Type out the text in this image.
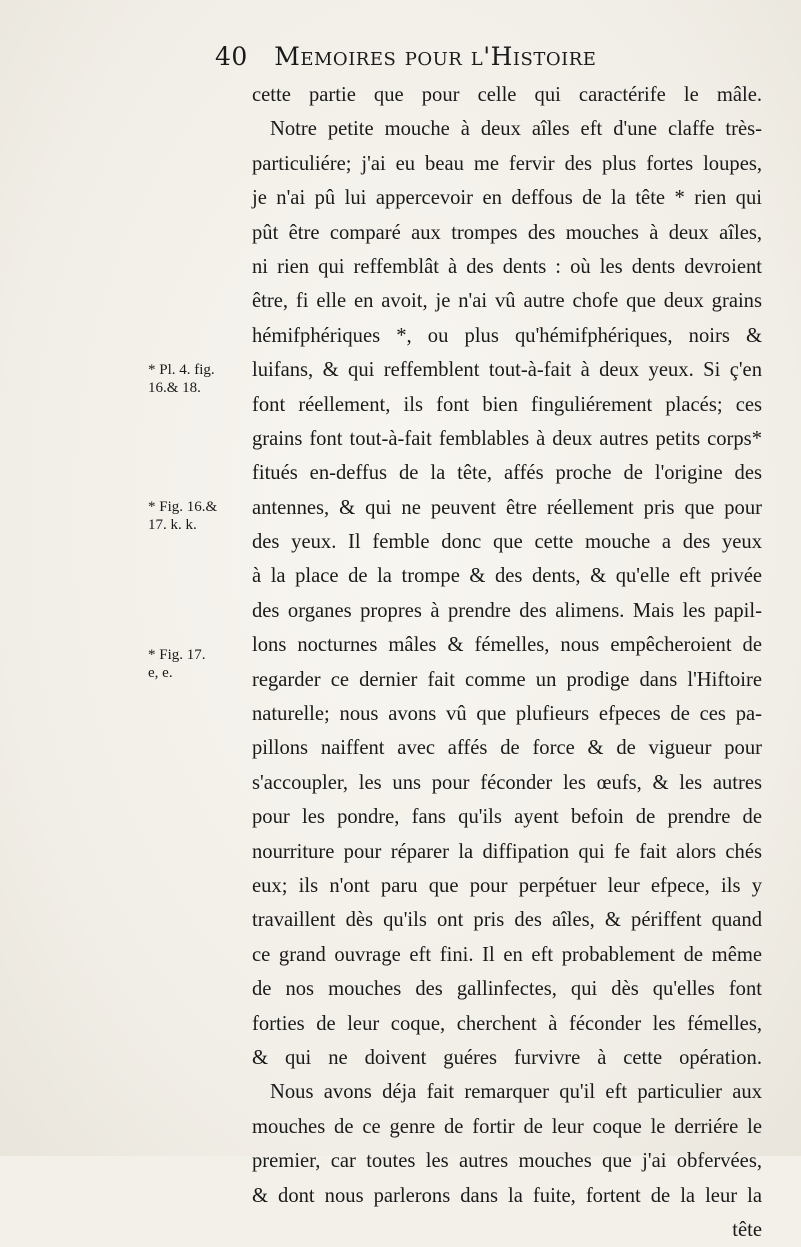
40 Memoires pour l'Histoire
* Pl. 4. fig.
16.& 18.
* Fig. 16.&
17. k. k.
* Fig. 17.
e, e.
cette partie que pour celle qui caractérife le mâle.
Notre petite mouche à deux aîles eft d'une claffe très-
particuliére; j'ai eu beau me fervir des plus fortes loupes,
je n'ai pû lui appercevoir en deffous de la tête * rien qui
pût être comparé aux trompes des mouches à deux aîles,
ni rien qui reffemblât à des dents : où les dents devroient
être, fi elle en avoit, je n'ai vû autre chofe que deux grains
hémifphériques *, ou plus qu'hémifphériques, noirs &
luifans, & qui reffemblent tout-à-fait à deux yeux. Si ç'en
font réellement, ils font bien finguliérement placés; ces
grains font tout-à-fait femblables à deux autres petits corps*
fitués en-deffus de la tête, affés proche de l'origine des
antennes, & qui ne peuvent être réellement pris que pour
des yeux. Il femble donc que cette mouche a des yeux
à la place de la trompe & des dents, & qu'elle eft privée
des organes propres à prendre des alimens. Mais les papil-
lons nocturnes mâles & fémelles, nous empêcheroient de
regarder ce dernier fait comme un prodige dans l'Hiftoire
naturelle; nous avons vû que plufieurs efpeces de ces pa-
pillons naiffent avec affés de force & de vigueur pour
s'accoupler, les uns pour féconder les œufs, & les autres
pour les pondre, fans qu'ils ayent befoin de prendre de
nourriture pour réparer la diffipation qui fe fait alors chés
eux; ils n'ont paru que pour perpétuer leur efpece, ils y
travaillent dès qu'ils ont pris des aîles, & périffent quand
ce grand ouvrage eft fini. Il en eft probablement de même
de nos mouches des gallinfectes, qui dès qu'elles font
forties de leur coque, cherchent à féconder les fémelles,
& qui ne doivent guéres furvivre à cette opération.
Nous avons déja fait remarquer qu'il eft particulier aux
mouches de ce genre de fortir de leur coque le derriére le
premier, car toutes les autres mouches que j'ai obfervées,
& dont nous parlerons dans la fuite, fortent de la leur la
tête
